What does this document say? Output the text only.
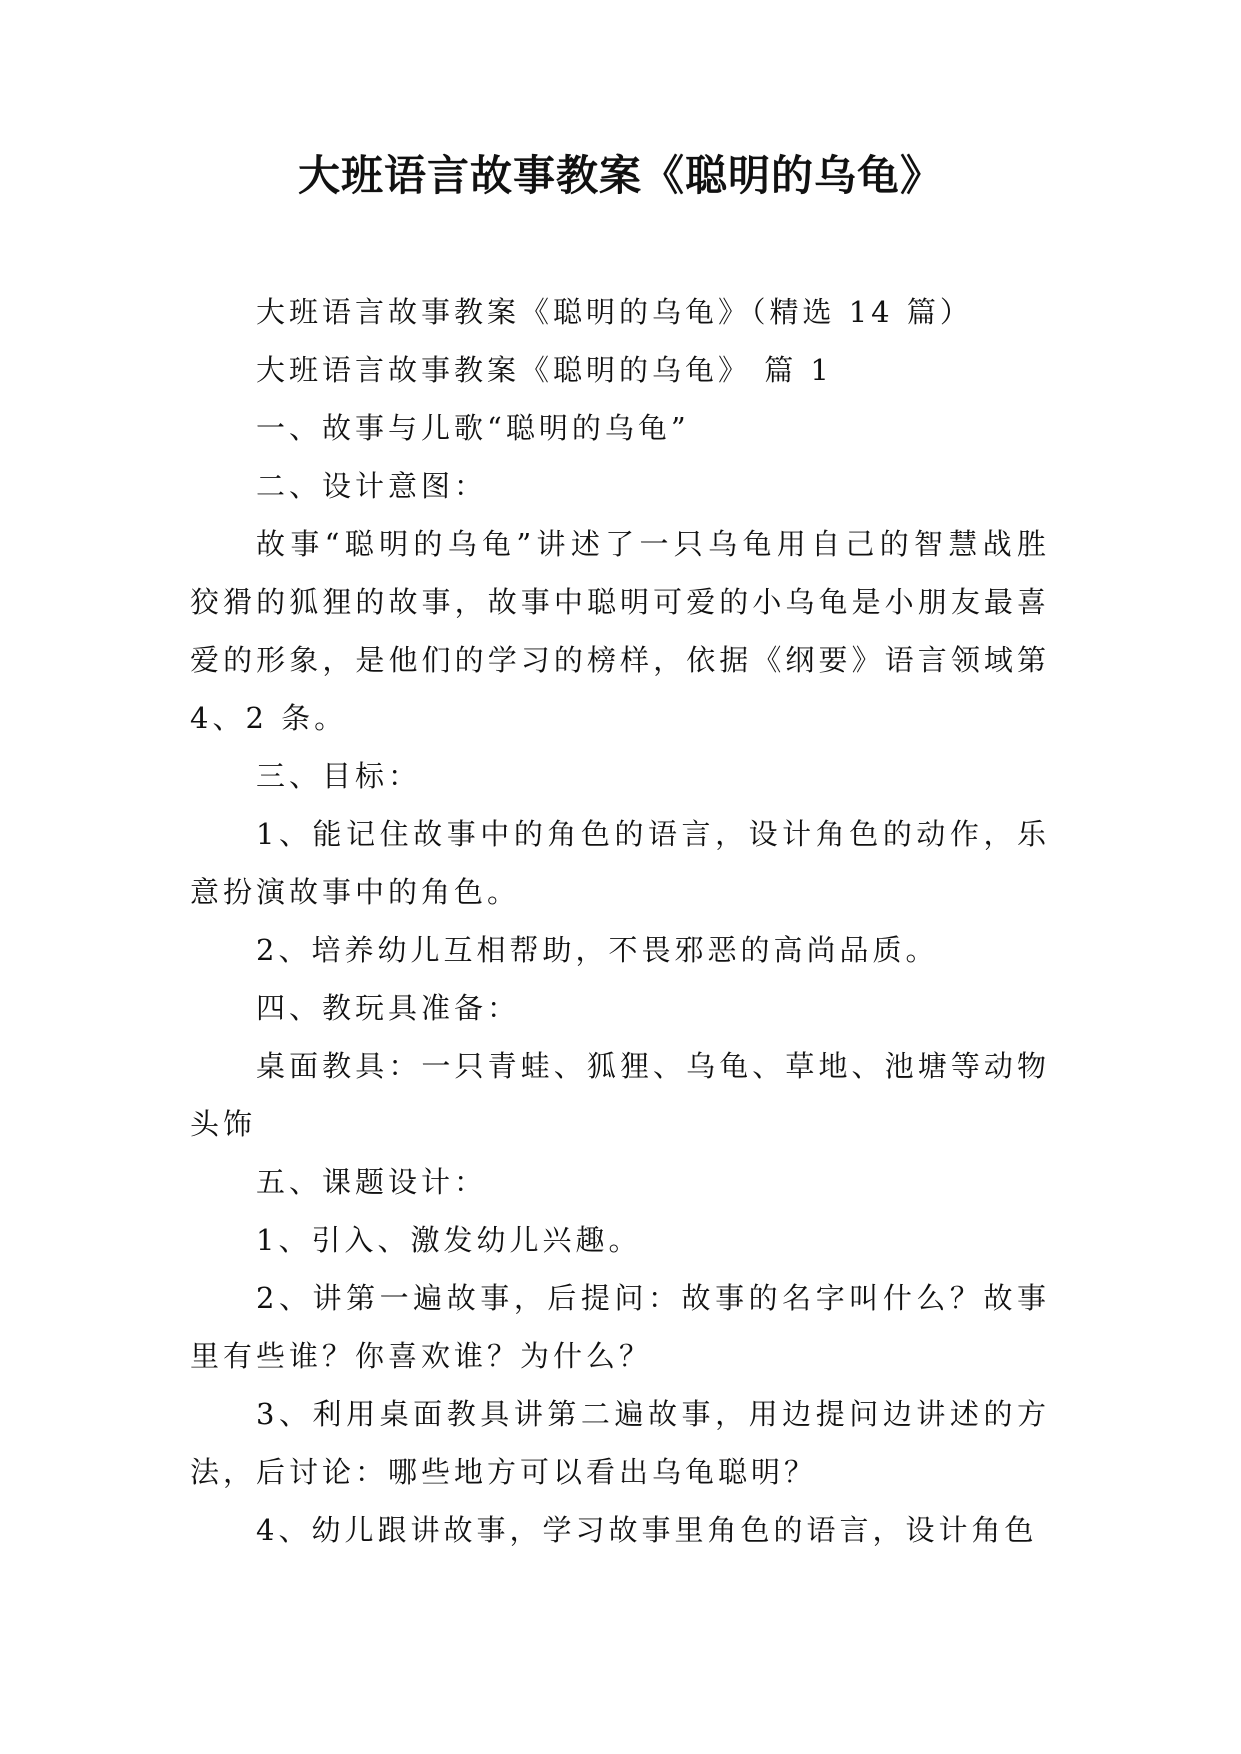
大班语言故事教案《聪明的乌龟》

大班语言故事教案《聪明的乌龟》（精选 14 篇）

大班语言故事教案《聪明的乌龟》 篇 1

一、故事与儿歌“聪明的乌龟”

二、设计意图：

故事“聪明的乌龟”讲述了一只乌龟用自己的智慧战胜狡猾的狐狸的故事，故事中聪明可爱的小乌龟是小朋友最喜爱的形象，是他们的学习的榜样，依据《纲要》语言领域第 4、2 条。

三、目标：

1、能记住故事中的角色的语言，设计角色的动作，乐意扮演故事中的角色。

2、培养幼儿互相帮助，不畏邪恶的高尚品质。

四、教玩具准备：

桌面教具：一只青蛙、狐狸、乌龟、草地、池塘等动物头饰

五、课题设计：

1、引入、激发幼儿兴趣。

2、讲第一遍故事，后提问：故事的名字叫什么？故事里有些谁？你喜欢谁？为什么？

3、利用桌面教具讲第二遍故事，用边提问边讲述的方法，后讨论：哪些地方可以看出乌龟聪明？

4、幼儿跟讲故事，学习故事里角色的语言，设计角色
